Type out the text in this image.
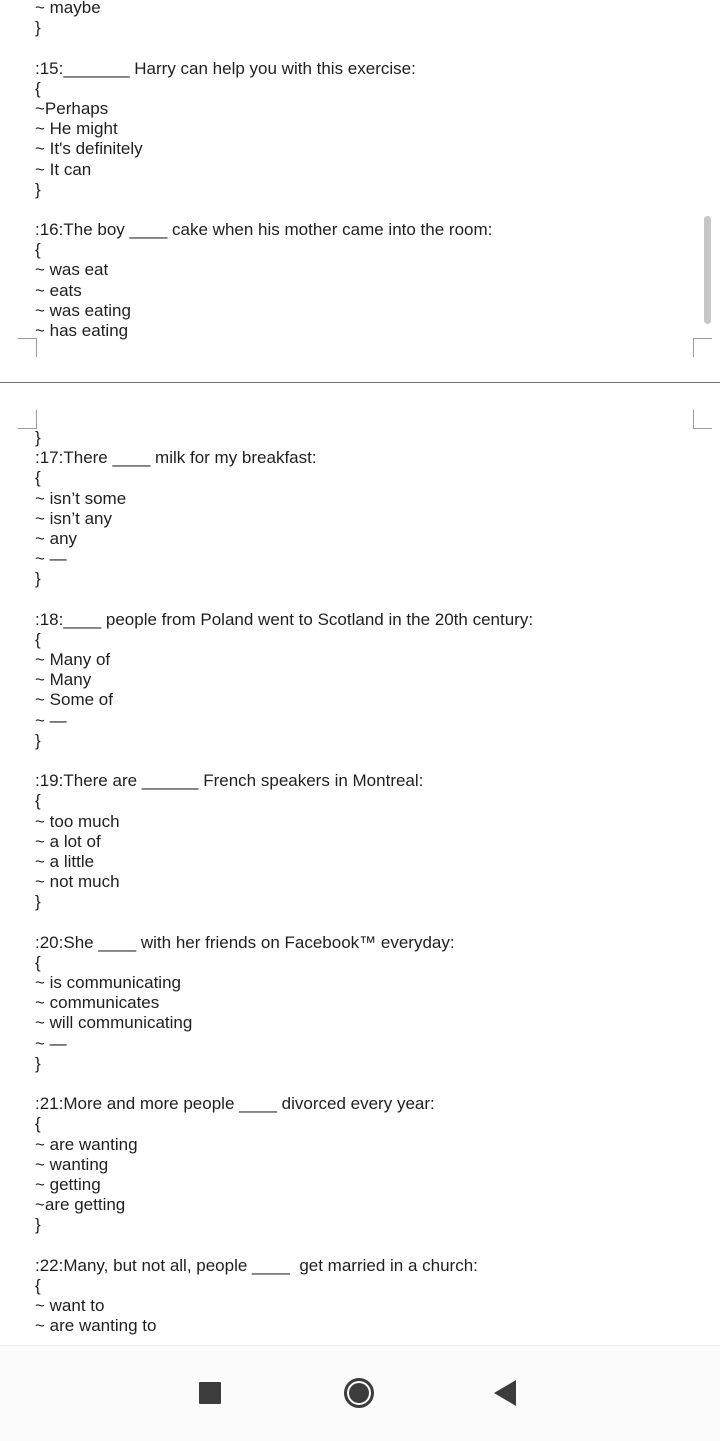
~ maybe
}
:15:_______ Harry can help you with this exercise:
{
~Perhaps
~ He might
~ It's definitely
~ It can
}
:16:The boy ____ cake when his mother came into the room:
{
~ was eat
~ eats
~ was eating
~ has eating
}
:17:There ____ milk for my breakfast:
{
~ isn’t some
~ isn’t any
~ any
~ —
}
:18:____ people from Poland went to Scotland in the 20th century:
{
~ Many of
~ Many
~ Some of
~ —
}
:19:There are ______ French speakers in Montreal:
{
~ too much
~ a lot of
~ a little
~ not much
}
:20:She ____ with her friends on Facebook™ everyday:
{
~ is communicating
~ communicates
~ will communicating
~ —
}
:21:More and more people ____ divorced every year:
{
~ are wanting
~ wanting
~ getting
~are getting
}
:22:Many, but not all, people ____  get married in a church:
{
~ want to
~ are wanting to
